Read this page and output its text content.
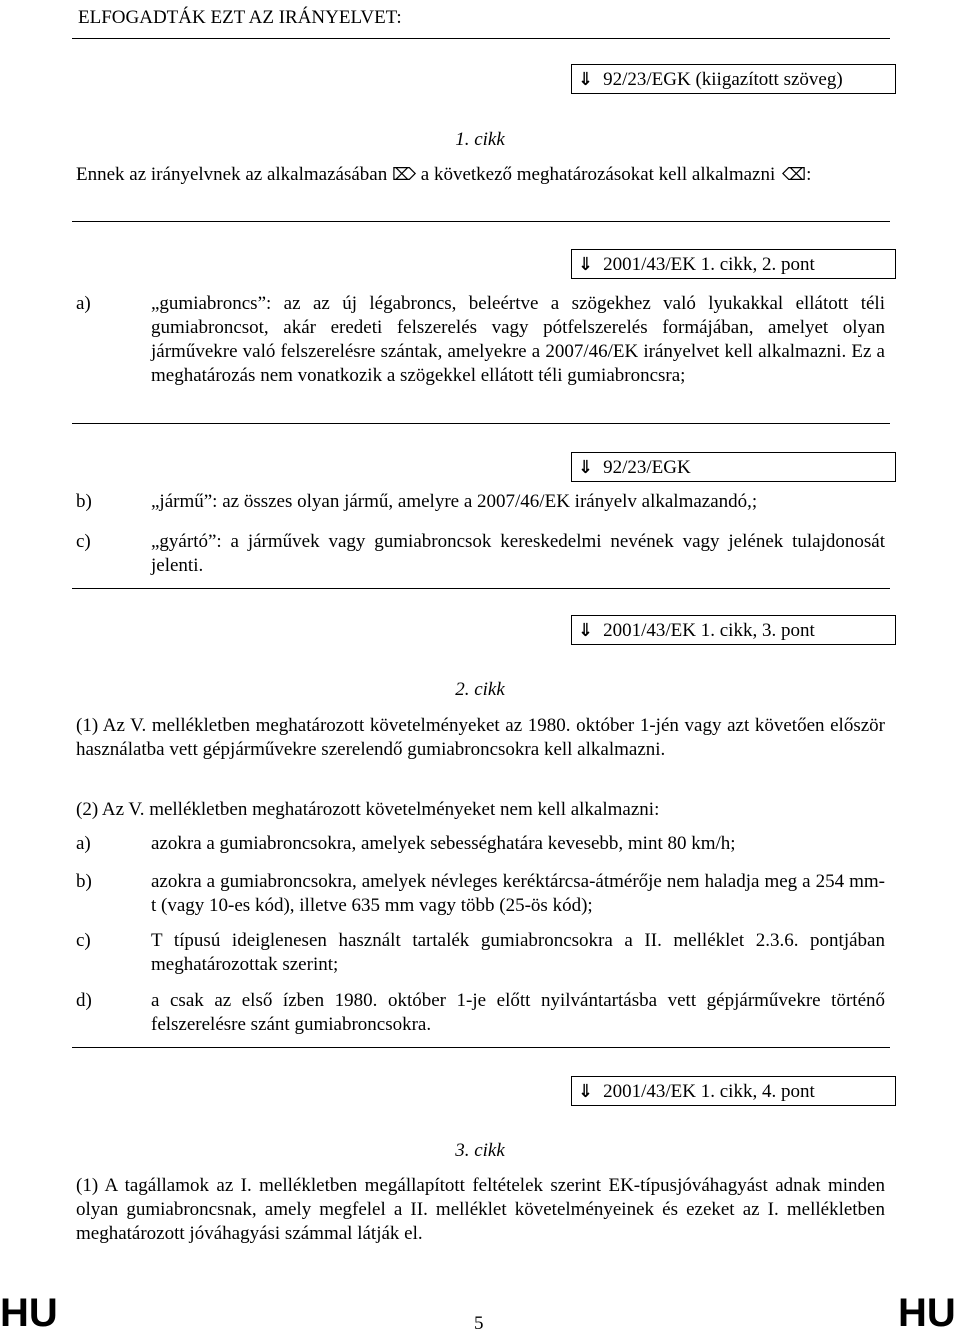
ELFOGADTÁK EZT AZ IRÁNYELVET:
⇓ 92/23/EGK (kiigazított szöveg)
1. cikk
Ennek az irányelvnek az alkalmazásában ⌦ a következő meghatározásokat kell alkalmazni ⌫:
⇓ 2001/43/EK 1. cikk, 2. pont
a)	„gumiabroncs”: az az új légabroncs, beleértve a szögekhez való lyukakkal ellátott téli gumiabroncsot, akár eredeti felszerelés vagy pótfelszerelés formájában, amelyet olyan járművekre való felszerelésre szántak, amelyekre a 2007/46/EK irányelvet kell alkalmazni. Ez a meghatározás nem vonatkozik a szögekkel ellátott téli gumiabroncsra;
⇓ 92/23/EGK
b)	„jármű”: az összes olyan jármű, amelyre a 2007/46/EK irányelv alkalmazandó,;
c)	„gyártó”: a járművek vagy gumiabroncsok kereskedelmi nevének vagy jelének tulajdonosát jelenti.
⇓ 2001/43/EK 1. cikk, 3. pont
2. cikk
(1) Az V. mellékletben meghatározott követelményeket az 1980. október 1-jén vagy azt követően először használatba vett gépjárművekre szerelendő gumiabroncsokra kell alkalmazni.
(2) Az V. mellékletben meghatározott követelményeket nem kell alkalmazni:
a)	azokra a gumiabroncsokra, amelyek sebességhatára kevesebb, mint 80 km/h;
b)	azokra a gumiabroncsokra, amelyek névleges keréktárcsa-átmérője nem haladja meg a 254 mm-t (vagy 10-es kód), illetve 635 mm vagy több (25-ös kód);
c)	T típusú ideiglenesen használt tartalék gumiabroncsokra a II. melléklet 2.3.6. pontjában meghatározottak szerint;
d)	a csak az első ízben 1980. október 1-je előtt nyilvántartásba vett gépjárművekre történő felszerelésre szánt gumiabroncsokra.
⇓ 2001/43/EK 1. cikk, 4. pont
3. cikk
(1) A tagállamok az I. mellékletben megállapított feltételek szerint EK-típusjóváhagyást adnak minden olyan gumiabroncsnak, amely megfelel a II. melléklet követelményeinek és ezeket az I. mellékletben meghatározott jóváhagyási számmal látják el.
HU	5	HU
